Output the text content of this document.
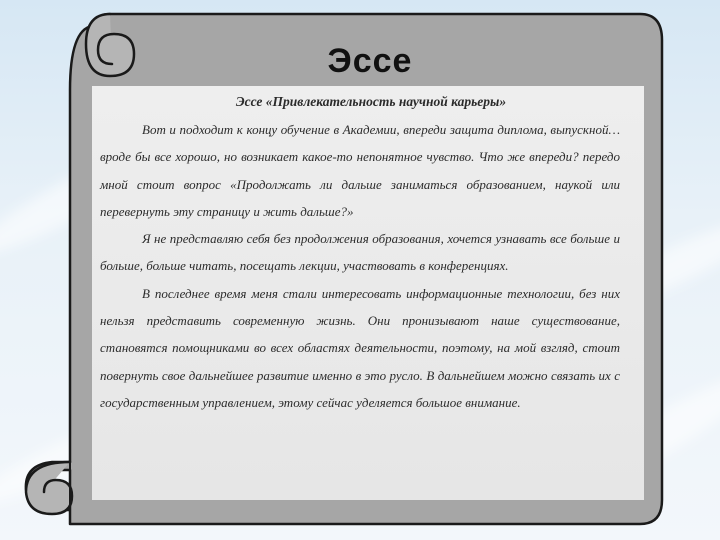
Эссе

Эссе «Привлекательность научной карьеры»

Вот и подходит к концу обучение в Академии, впереди защита диплома, выпускной…вроде бы все хорошо, но возникает какое-то непонятное чувство. Что же впереди? передо мной стоит вопрос «Продолжать ли дальше заниматься образованием, наукой или перевернуть эту страницу и жить дальше?»

Я не представляю себя без продолжения образования, хочется узнавать все больше и больше, больше читать, посещать лекции, участвовать в конференциях.

В последнее время меня стали интересовать информационные технологии, без них нельзя представить современную жизнь. Они пронизывают наше существование, становятся помощниками во всех областях деятельности, поэтому, на мой взгляд, стоит повернуть свое дальнейшее развитие именно в это русло. В дальнейшем можно связать их с государственным управлением, этому сейчас уделяется большое внимание.
